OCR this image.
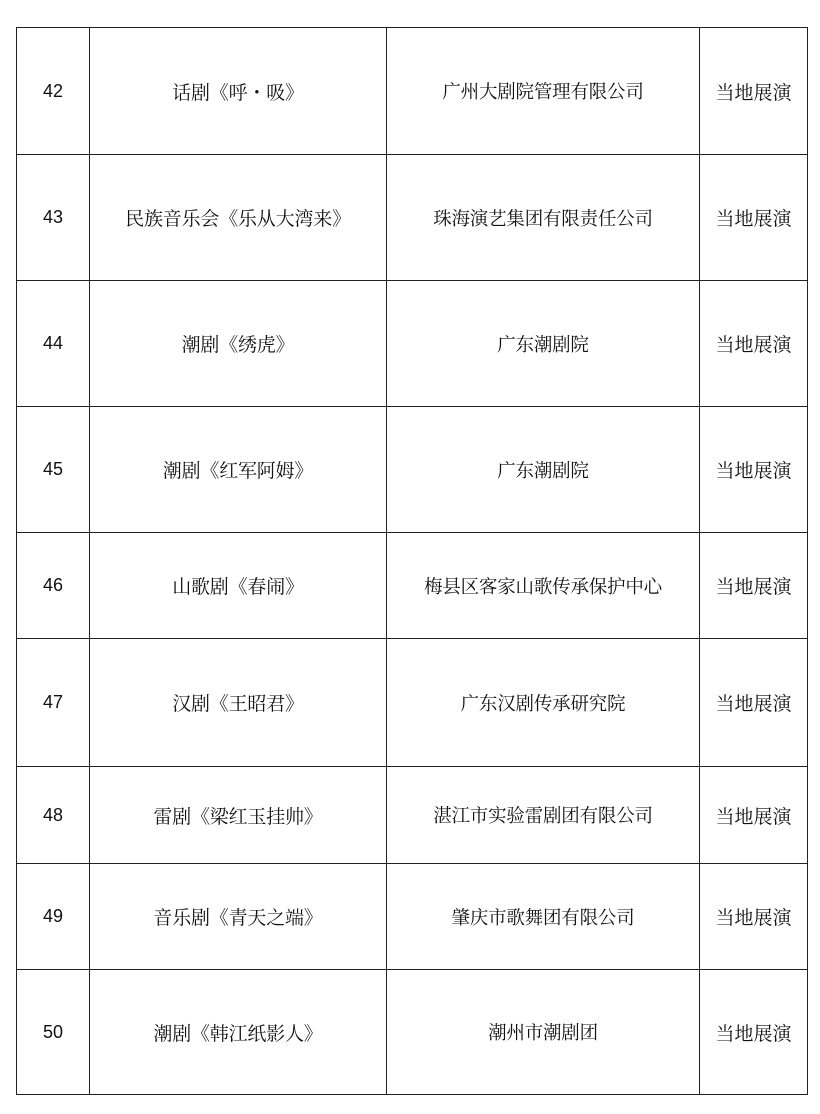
42	话剧《呼・吸》	广州大剧院管理有限公司	当地展演
43	民族音乐会《乐从大湾来》	珠海演艺集团有限责任公司	当地展演
44	潮剧《绣虎》	广东潮剧院	当地展演
45	潮剧《红军阿姆》	广东潮剧院	当地展演
46	山歌剧《春闹》	梅县区客家山歌传承保护中心	当地展演
47	汉剧《王昭君》	广东汉剧传承研究院	当地展演
48	雷剧《梁红玉挂帅》	湛江市实验雷剧团有限公司	当地展演
49	音乐剧《青天之端》	肇庆市歌舞团有限公司	当地展演
50	潮剧《韩江纸影人》	潮州市潮剧团	当地展演
